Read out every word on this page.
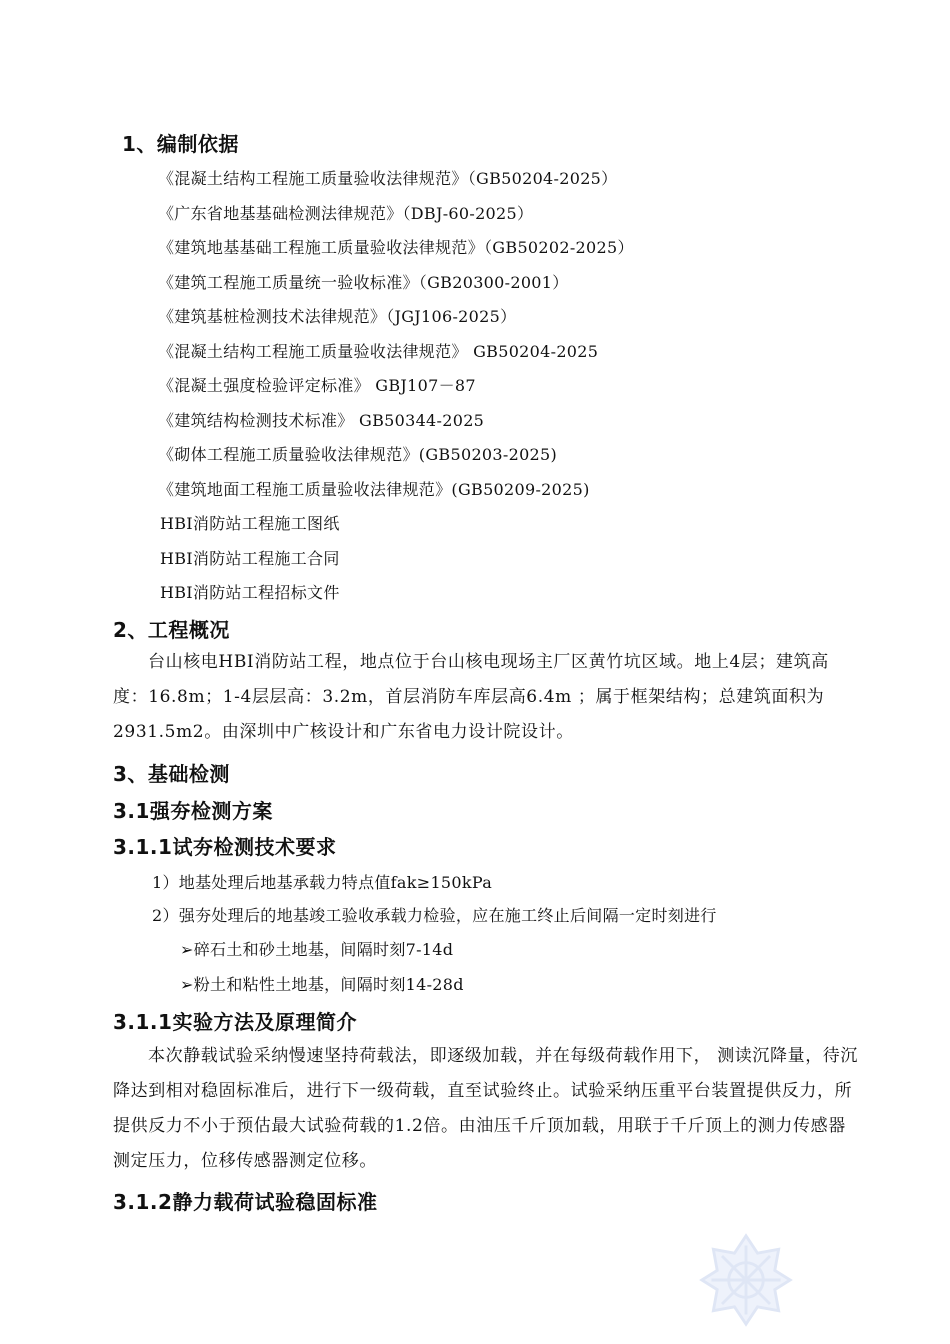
1、编制依据
《混凝土结构工程施工质量验收法律规范》（GB50204-2025）
《广东省地基基础检测法律规范》（DBJ-60-2025）
《建筑地基基础工程施工质量验收法律规范》（GB50202-2025）
《建筑工程施工质量统一验收标准》（GB20300-2001）
《建筑基桩检测技术法律规范》（JGJ106-2025）
《混凝土结构工程施工质量验收法律规范》 GB50204-2025
《混凝土强度检验评定标准》 GBJ107－87
《建筑结构检测技术标准》 GB50344-2025
《砌体工程施工质量验收法律规范》(GB50203-2025)
《建筑地面工程施工质量验收法律规范》(GB50209-2025)
HBI消防站工程施工图纸
HBI消防站工程施工合同
HBI消防站工程招标文件
2、工程概况
台山核电HBI消防站工程，地点位于台山核电现场主厂区黄竹坑区域。地上4层；建筑高度：16.8m；1-4层层高：3.2m，首层消防车库层高6.4m ；属于框架结构；总建筑面积为2931.5m2。由深圳中广核设计和广东省电力设计院设计。
3、基础检测
3.1强夯检测方案
3.1.1试夯检测技术要求
1）地基处理后地基承载力特点值fak≥150kPa
2）强夯处理后的地基竣工验收承载力检验，应在施工终止后间隔一定时刻进行
➢碎石土和砂土地基，间隔时刻7-14d
➢粉土和粘性土地基，间隔时刻14-28d
3.1.1实验方法及原理简介
本次静载试验采纳慢速坚持荷载法，即逐级加载，并在每级荷载作用下， 测读沉降量，待沉降达到相对稳固标准后，进行下一级荷载，直至试验终止。试验采纳压重平台装置提供反力，所提供反力不小于预估最大试验荷载的1.2倍。由油压千斤顶加载，用联于千斤顶上的测力传感器测定压力，位移传感器测定位移。
3.1.2静力载荷试验稳固标准
